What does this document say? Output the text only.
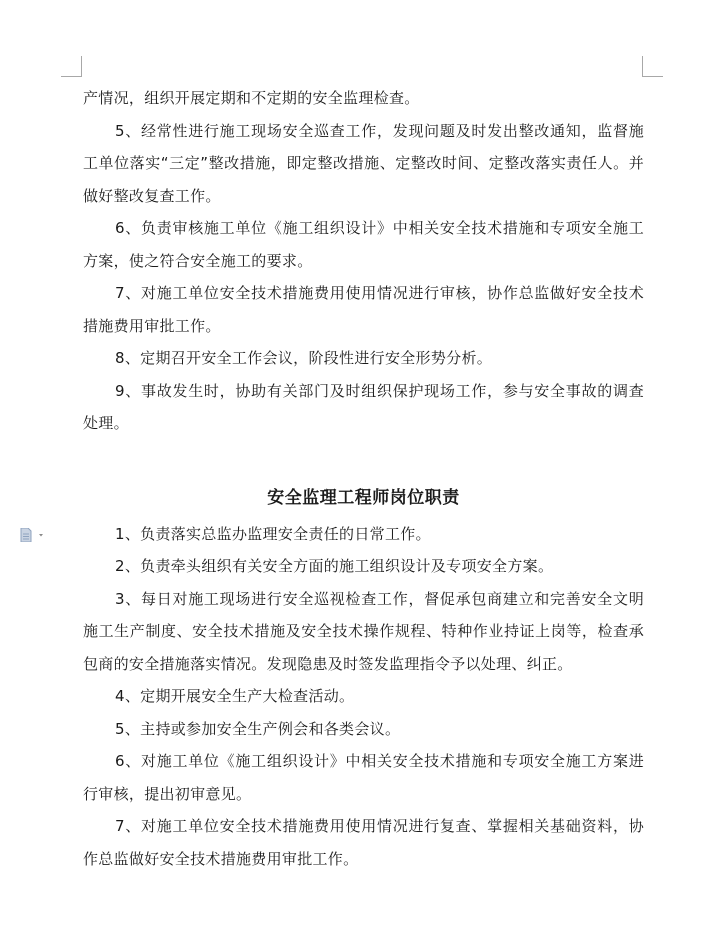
产情况，组织开展定期和不定期的安全监理检查。

5、经常性进行施工现场安全巡查工作，发现问题及时发出整改通知，监督施工单位落实“三定”整改措施，即定整改措施、定整改时间、定整改落实责任人。并做好整改复查工作。

6、负责审核施工单位《施工组织设计》中相关安全技术措施和专项安全施工方案，使之符合安全施工的要求。

7、对施工单位安全技术措施费用使用情况进行审核，协作总监做好安全技术措施费用审批工作。

8、定期召开安全工作会议，阶段性进行安全形势分析。

9、事故发生时，协助有关部门及时组织保护现场工作，参与安全事故的调查处理。

安全监理工程师岗位职责

1、负责落实总监办监理安全责任的日常工作。

2、负责牵头组织有关安全方面的施工组织设计及专项安全方案。

3、每日对施工现场进行安全巡视检查工作，督促承包商建立和完善安全文明施工生产制度、安全技术措施及安全技术操作规程、特种作业持证上岗等，检查承包商的安全措施落实情况。发现隐患及时签发监理指令予以处理、纠正。

4、定期开展安全生产大检查活动。

5、主持或参加安全生产例会和各类会议。

6、对施工单位《施工组织设计》中相关安全技术措施和专项安全施工方案进行审核，提出初审意见。

7、对施工单位安全技术措施费用使用情况进行复查、掌握相关基础资料，协作总监做好安全技术措施费用审批工作。
